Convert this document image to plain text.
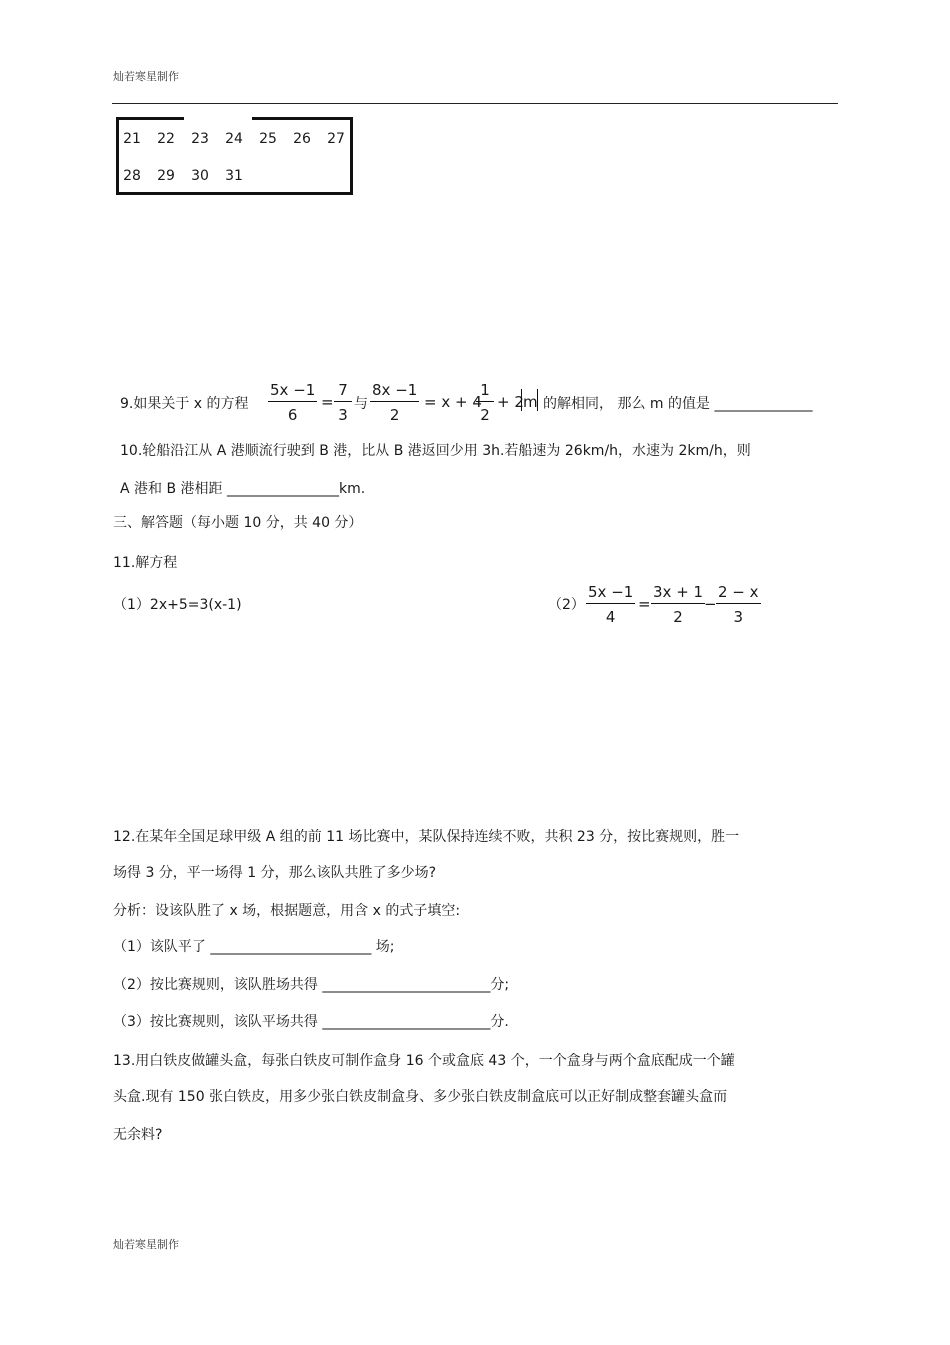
灿若寒星制作
21	22	23	24	25	26	27
28	29	30	31
9.如果关于 x 的方程 $\frac{5x -1}{6} = \frac{7}{3}$ 与 $\frac{8x -1}{2} = x + 4$
$\frac{1}{2} + 2$ m 的解相同， 那么 m 的值是 ______________
10.轮船沿江从 A 港顺流行驶到 B 港，比从 B 港返回少用 3h.若船速为 26km/h，水速为 2km/h，则
A 港和 B 港相距 ________________km.
三、解答题（每小题 10 分，共 40 分）
11.解方程
（1）2x+5=3(x-1)	$(2) \frac{5x -1}{4} = \frac{3x + 1}{2}$
− $\frac{2 - x}{3}$
12.在某年全国足球甲级 A 组的前 11 场比赛中，某队保持连续不败，共积 23 分，按比赛规则，胜一
场得 3 分，平一场得 1 分，那么该队共胜了多少场?
分析：设该队胜了 x 场，根据题意，用含 x 的式子填空:
（1）该队平了 _______________________ 场;
（2）按比赛规则，该队胜场共得 ________________________分;
（3）按比赛规则，该队平场共得 ________________________分.
13.用白铁皮做罐头盒，每张白铁皮可制作盒身 16 个或盒底 43 个，一个盒身与两个盒底配成一个罐
头盒.现有 150 张白铁皮，用多少张白铁皮制盒身、多少张白铁皮制盒底可以正好制成整套罐头盒而
无余料?
灿若寒星制作
